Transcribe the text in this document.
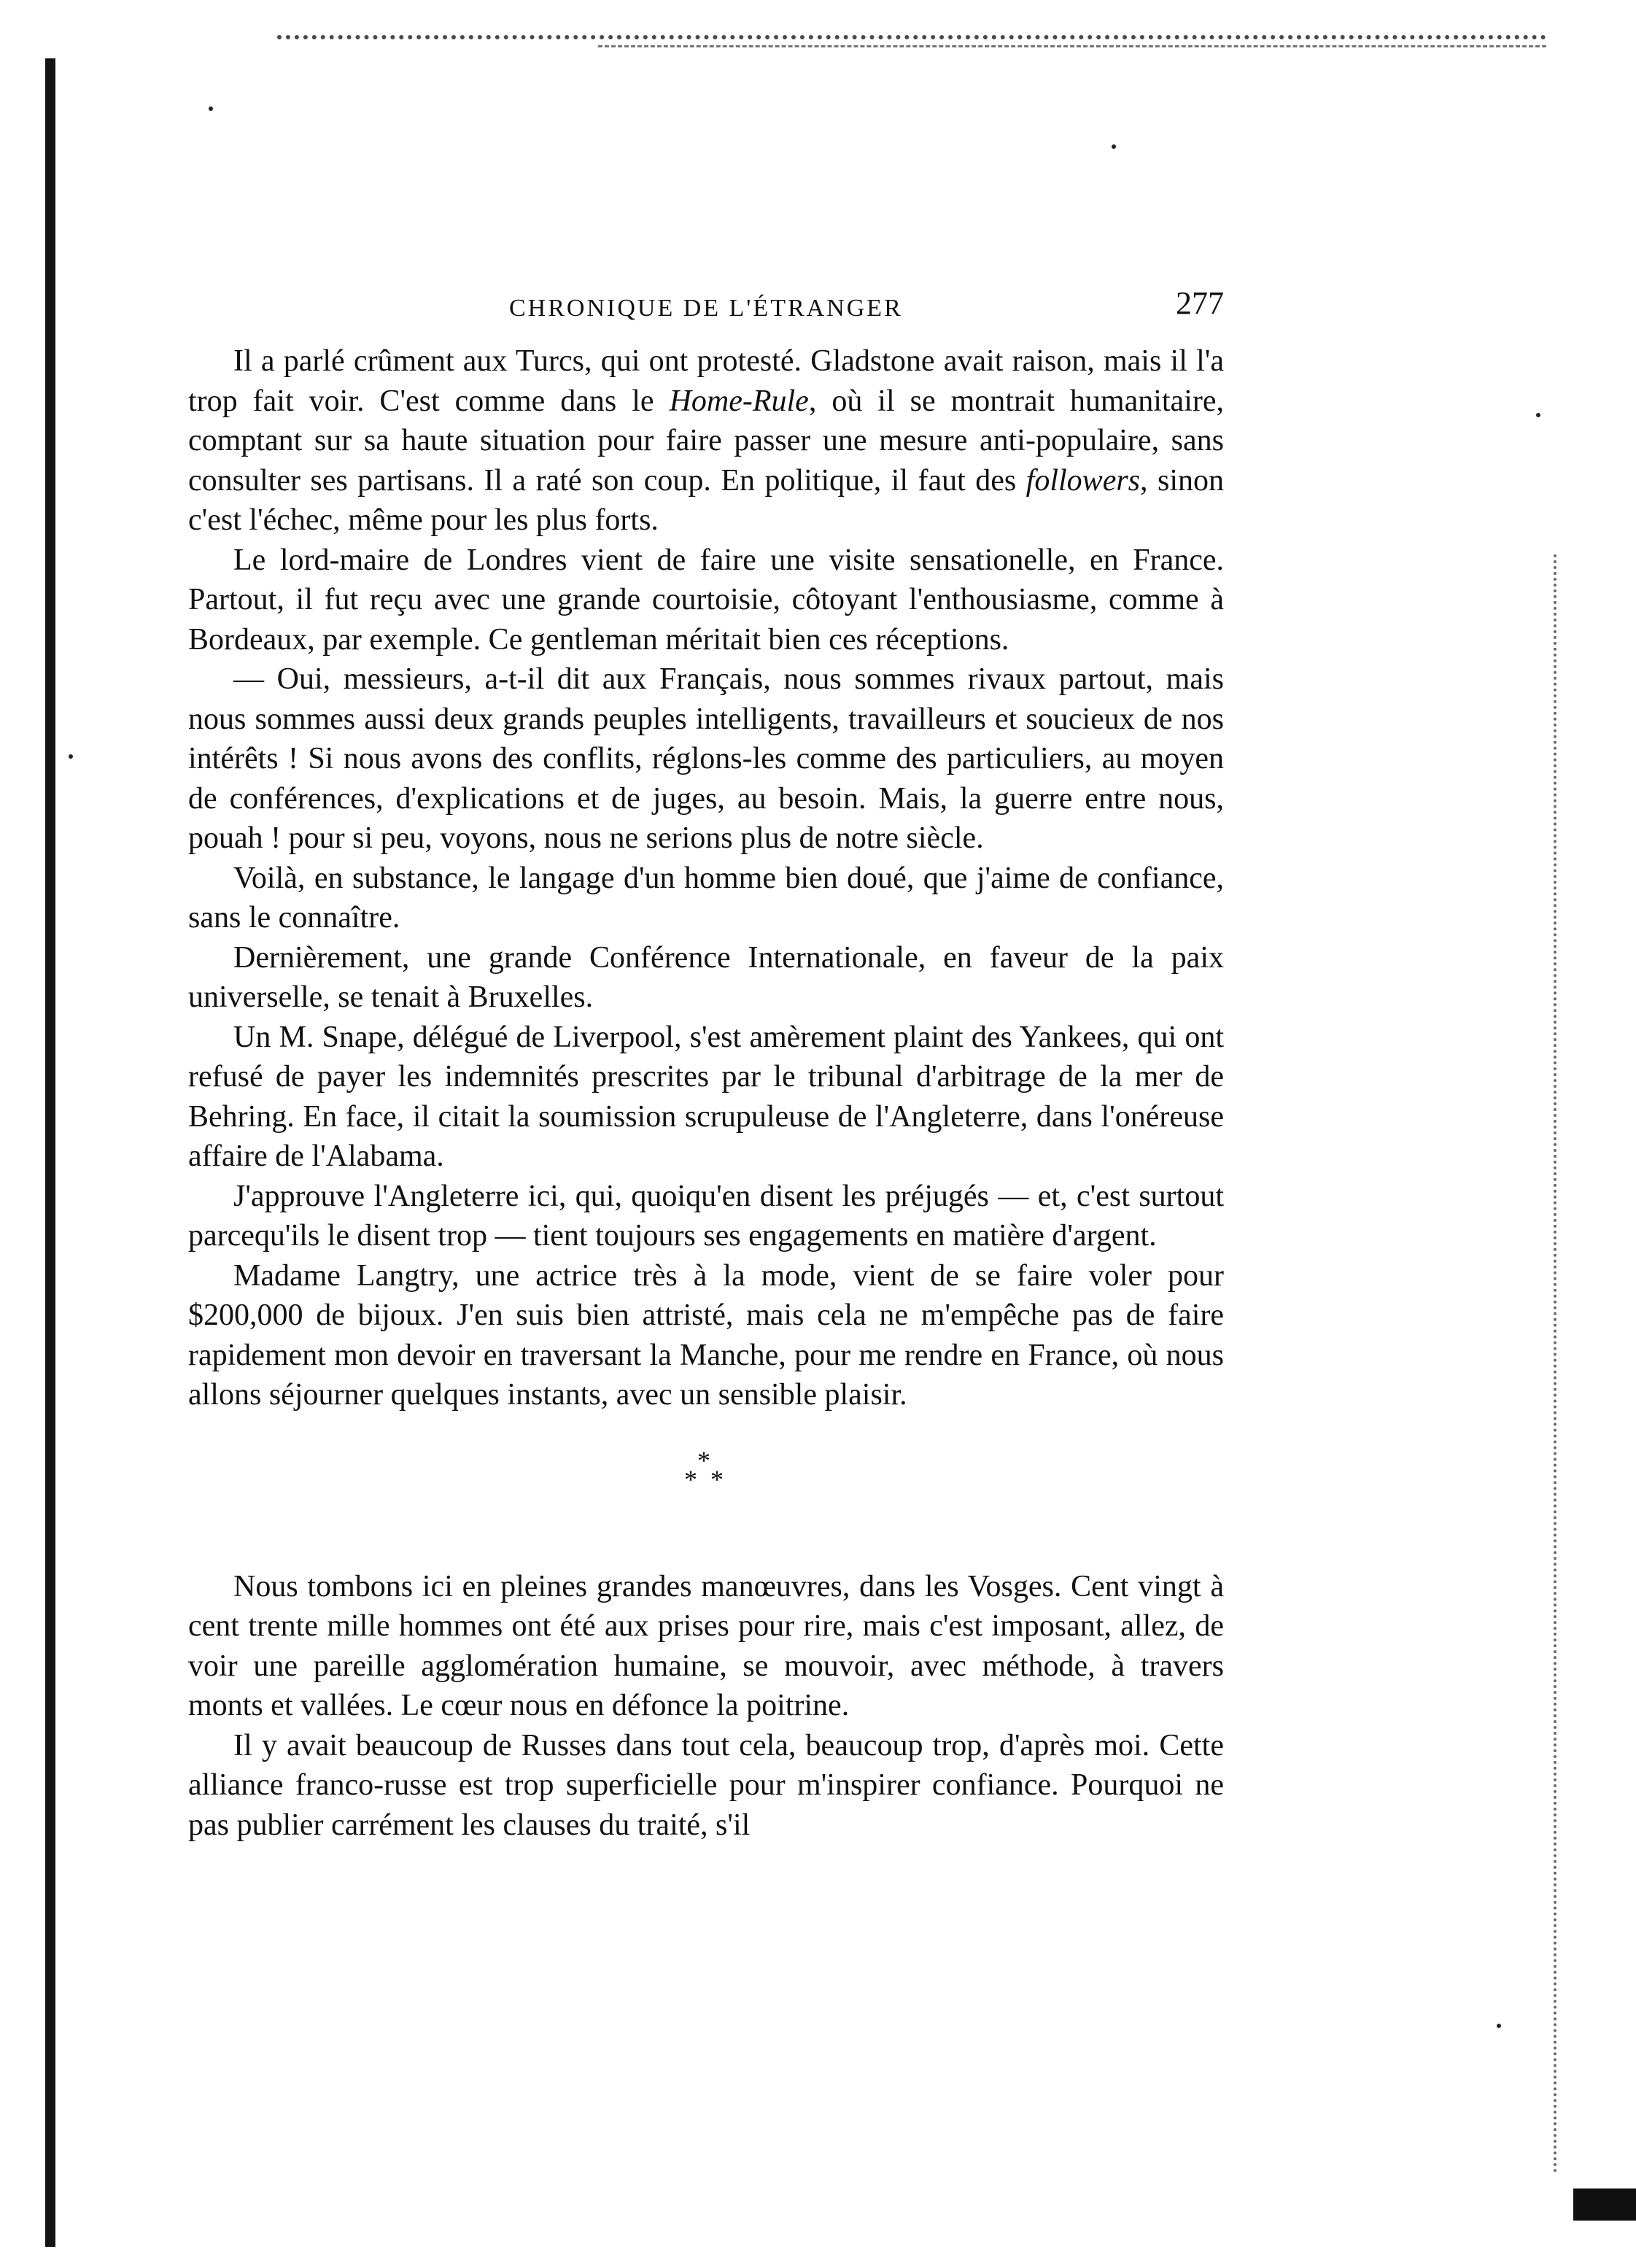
CHRONIQUE DE L'ÉTRANGER	277

Il a parlé crûment aux Turcs, qui ont protesté. Gladstone avait raison, mais il l'a trop fait voir. C'est comme dans le Home-Rule, où il se montrait humanitaire, comptant sur sa haute situation pour faire passer une mesure anti-populaire, sans consulter ses partisans. Il a raté son coup. En politique, il faut des followers, sinon c'est l'échec, même pour les plus forts.

Le lord-maire de Londres vient de faire une visite sensationelle, en France. Partout, il fut reçu avec une grande courtoisie, côtoyant l'enthousiasme, comme à Bordeaux, par exemple. Ce gentleman méritait bien ces réceptions.

— Oui, messieurs, a-t-il dit aux Français, nous sommes rivaux partout, mais nous sommes aussi deux grands peuples intelligents, travailleurs et soucieux de nos intérêts ! Si nous avons des conflits, réglons-les comme des particuliers, au moyen de conférences, d'explications et de juges, au besoin. Mais, la guerre entre nous, pouah ! pour si peu, voyons, nous ne serions plus de notre siècle.

Voilà, en substance, le langage d'un homme bien doué, que j'aime de confiance, sans le connaître.

Dernièrement, une grande Conférence Internationale, en faveur de la paix universelle, se tenait à Bruxelles.

Un M. Snape, délégué de Liverpool, s'est amèrement plaint des Yankees, qui ont refusé de payer les indemnités prescrites par le tribunal d'arbitrage de la mer de Behring. En face, il citait la soumission scrupuleuse de l'Angleterre, dans l'onéreuse affaire de l'Alabama.

J'approuve l'Angleterre ici, qui, quoiqu'en disent les préjugés — et, c'est surtout parcequ'ils le disent trop — tient toujours ses engagements en matière d'argent.

Madame Langtry, une actrice très à la mode, vient de se faire voler pour $200,000 de bijoux. J'en suis bien attristé, mais cela ne m'empêche pas de faire rapidement mon devoir en traversant la Manche, pour me rendre en France, où nous allons séjourner quelques instants, avec un sensible plaisir.

*
* *

Nous tombons ici en pleines grandes manœuvres, dans les Vosges. Cent vingt à cent trente mille hommes ont été aux prises pour rire, mais c'est imposant, allez, de voir une pareille agglomération humaine, se mouvoir, avec méthode, à travers monts et vallées. Le cœur nous en défonce la poitrine.

Il y avait beaucoup de Russes dans tout cela, beaucoup trop, d'après moi. Cette alliance franco-russe est trop superficielle pour m'inspirer confiance. Pourquoi ne pas publier carrément les clauses du traité, s'il
